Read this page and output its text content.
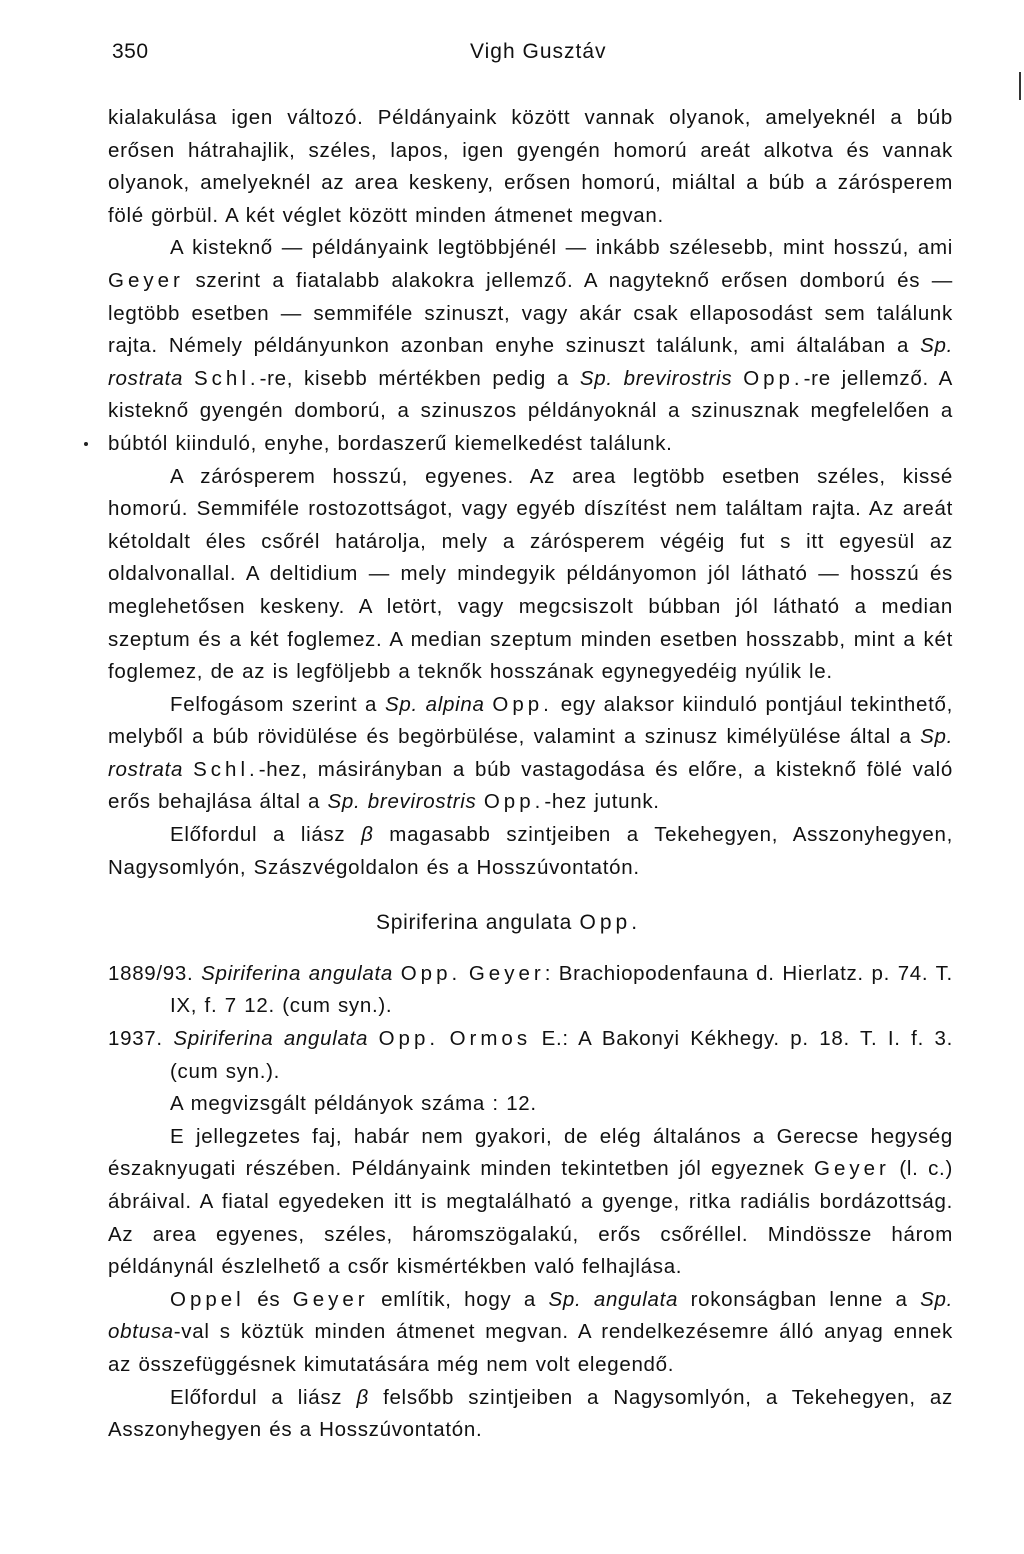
350	Vigh Gusztáv

kialakulása igen változó. Példányaink között vannak olyanok, amelyeknél a búb erősen hátrahajlik, széles, lapos, igen gyengén homorú areát alkotva és vannak olyanok, amelyeknél az area keskeny, erősen homorú, miáltal a búb a zárósperem fölé görbül. A két véglet között minden átmenet megvan.

A kisteknő — példányaink legtöbbjénél — inkább szélesebb, mint hosszú, ami Geyer szerint a fiatalabb alakokra jellemző. A nagyteknő erősen domború és — legtöbb esetben — semmiféle szinuszt, vagy akár csak ellaposodást sem találunk rajta. Némely példányunkon azonban enyhe szinuszt találunk, ami általában a Sp. rostrata Schl.-re, kisebb mértékben pedig a Sp. brevirostris Opp.-re jellemző. A kisteknő gyengén domború, a szinuszos példányoknál a szinusznak megfelelően a búbtól kiinduló, enyhe, bordaszerű kiemelkedést találunk.

A zárósperem hosszú, egyenes. Az area legtöbb esetben széles, kissé homorú. Semmiféle rostozottságot, vagy egyéb díszítést nem találtam rajta. Az areát kétoldalt éles csőrél határolja, mely a zárósperem végéig fut s itt egyesül az oldalvonallal. A deltidium — mely mindegyik példányomon jól látható — hosszú és meglehetősen keskeny. A letört, vagy megcsiszolt búbban jól látható a median szeptum és a két foglemez. A median szeptum minden esetben hosszabb, mint a két foglemez, de az is legföljebb a teknők hosszának egynegyedéig nyúlik le.

Felfogásom szerint a Sp. alpina Opp. egy alaksor kiinduló pontjául tekinthető, melyből a búb rövidülése és begörbülése, valamint a szinusz kimélyülése által a Sp. rostrata Schl.-hez, másirányban a búb vastagodása és előre, a kisteknő fölé való erős behajlása által a Sp. brevirostris Opp.-hez jutunk.

Előfordul a liász β magasabb szintjeiben a Tekehegyen, Asszonyhegyen, Nagysomlyón, Szászvégoldalon és a Hosszúvontatón.

Spiriferina angulata Opp.

1889/93. Spiriferina angulata Opp. Geyer: Brachiopodenfauna d. Hierlatz. p. 74. T. IX, f. 7 12. (cum syn.).

1937. Spiriferina angulata Opp. Ormos E.: A Bakonyi Kékhegy. p. 18. T. I. f. 3. (cum syn.).

A megvizsgált példányok száma : 12.

E jellegzetes faj, habár nem gyakori, de elég általános a Gerecse hegység északnyugati részében. Példányaink minden tekintetben jól egyeznek Geyer (l. c.) ábráival. A fiatal egyedeken itt is megtalálható a gyenge, ritka radiális bordázottság. Az area egyenes, széles, háromszögalakú, erős csőréllel. Mindössze három példánynál észlelhető a csőr kismértékben való felhajlása.

Oppel és Geyer említik, hogy a Sp. angulata rokonságban lenne a Sp. obtusa-val s köztük minden átmenet megvan. A rendelkezésemre álló anyag ennek az összefüggésnek kimutatására még nem volt elegendő.

Előfordul a liász β felsőbb szintjeiben a Nagysomlyón, a Tekehegyen, az Asszonyhegyen és a Hosszúvontatón.
